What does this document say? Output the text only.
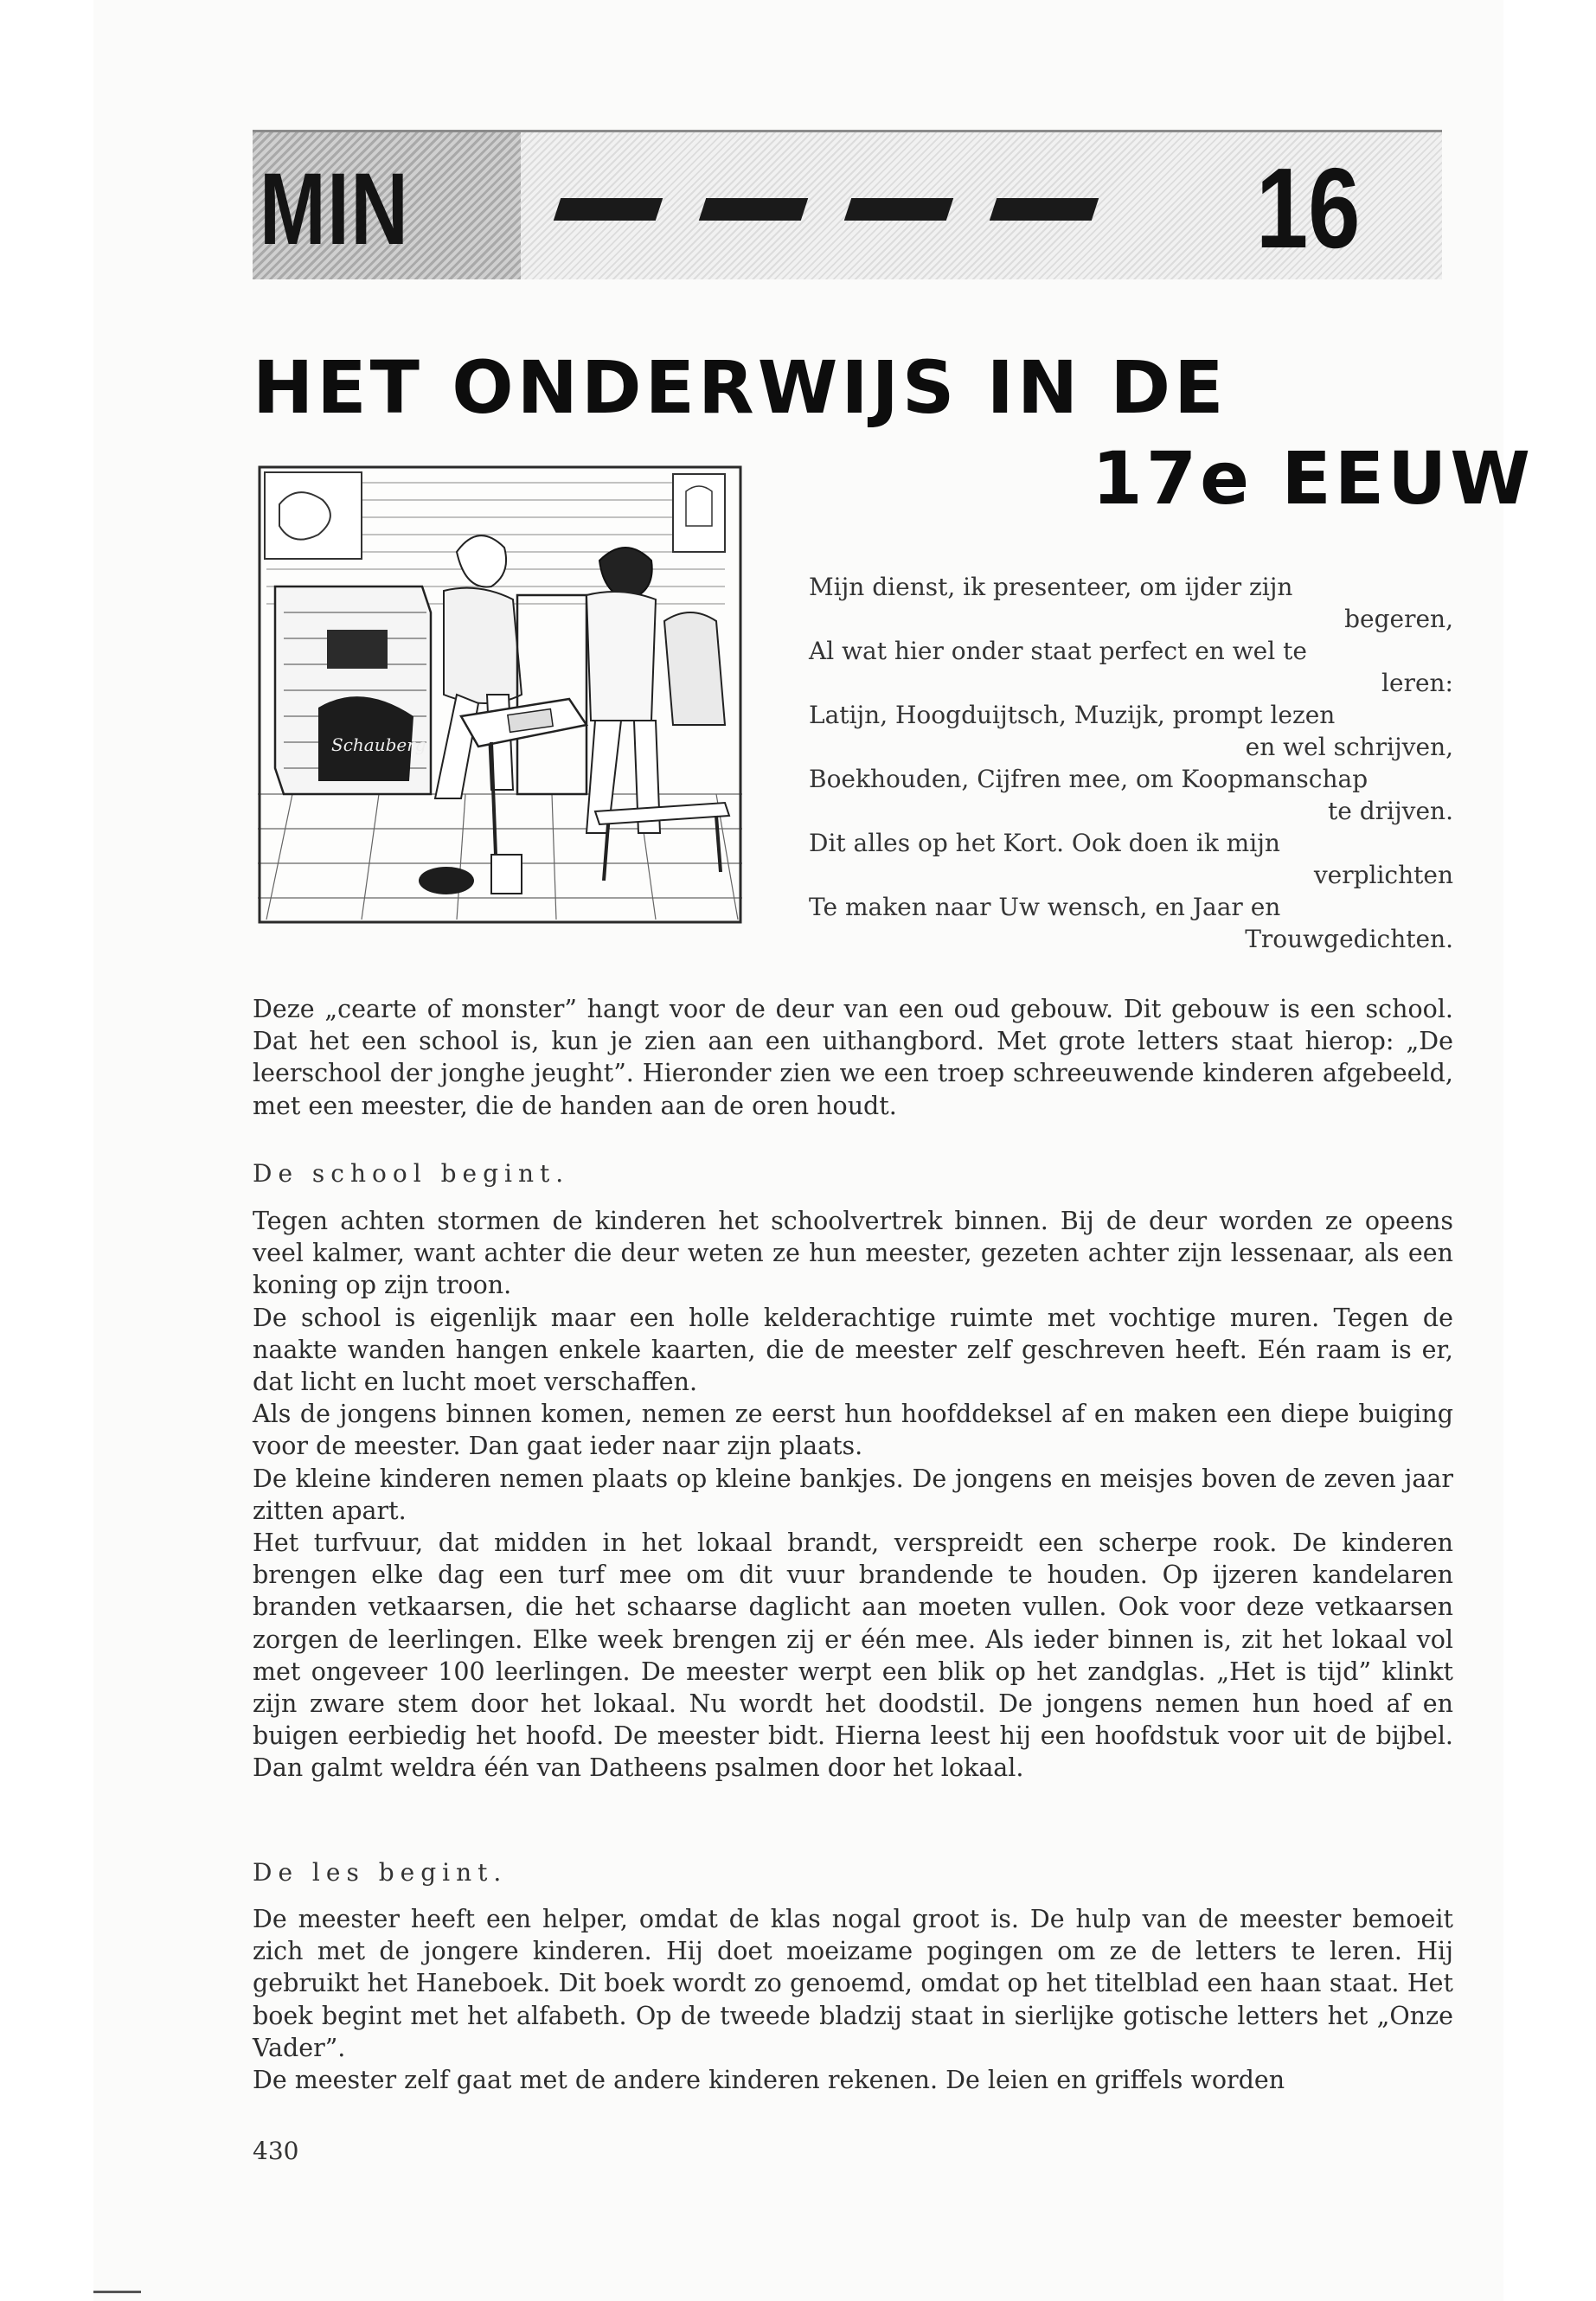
MIN	16
HET ONDERWIJS IN DE
17e EEUW
Schauberg
Mijn dienst, ik presenteer, om ijder zijn
begeren,
Al wat hier onder staat perfect en wel te
leren:
Latijn, Hoogduijtsch, Muzijk, prompt lezen
en wel schrijven,
Boekhouden, Cijfren mee, om Koopmanschap
te drijven.
Dit alles op het Kort. Ook doen ik mijn
verplichten
Te maken naar Uw wensch, en Jaar en
Trouwgedichten.

Deze „cearte of monster” hangt voor de deur van een oud gebouw. Dit gebouw is een school. Dat het een school is, kun je zien aan een uithangbord. Met grote letters staat hierop: „De leerschool der jonghe jeught”. Hieronder zien we een troep schreeuwende kinderen afgebeeld, met een meester, die de handen aan de oren houdt.

De school begint.

Tegen achten stormen de kinderen het schoolvertrek binnen. Bij de deur worden ze opeens veel kalmer, want achter die deur weten ze hun meester, gezeten achter zijn lessenaar, als een koning op zijn troon.

De school is eigenlijk maar een holle kelderachtige ruimte met vochtige muren. Tegen de naakte wanden hangen enkele kaarten, die de meester zelf geschreven heeft. Eén raam is er, dat licht en lucht moet verschaffen.

Als de jongens binnen komen, nemen ze eerst hun hoofddeksel af en maken een diepe buiging voor de meester. Dan gaat ieder naar zijn plaats.

De kleine kinderen nemen plaats op kleine bankjes. De jongens en meisjes boven de zeven jaar zitten apart.

Het turfvuur, dat midden in het lokaal brandt, verspreidt een scherpe rook. De kinderen brengen elke dag een turf mee om dit vuur brandende te houden. Op ijzeren kandelaren branden vetkaarsen, die het schaarse daglicht aan moeten vullen. Ook voor deze vetkaarsen zorgen de leerlingen. Elke week brengen zij er één mee. Als ieder binnen is, zit het lokaal vol met ongeveer 100 leerlingen. De meester werpt een blik op het zandglas. „Het is tijd” klinkt zijn zware stem door het lokaal. Nu wordt het doodstil. De jongens nemen hun hoed af en buigen eerbiedig het hoofd. De meester bidt. Hierna leest hij een hoofdstuk voor uit de bijbel. Dan galmt weldra één van Datheens psalmen door het lokaal.

De les begint.

De meester heeft een helper, omdat de klas nogal groot is. De hulp van de meester bemoeit zich met de jongere kinderen. Hij doet moeizame pogingen om ze de letters te leren. Hij gebruikt het Haneboek. Dit boek wordt zo genoemd, omdat op het titelblad een haan staat. Het boek begint met het alfabeth. Op de tweede bladzij staat in sierlijke gotische letters het „Onze Vader”.

De meester zelf gaat met de andere kinderen rekenen. De leien en griffels worden

430
